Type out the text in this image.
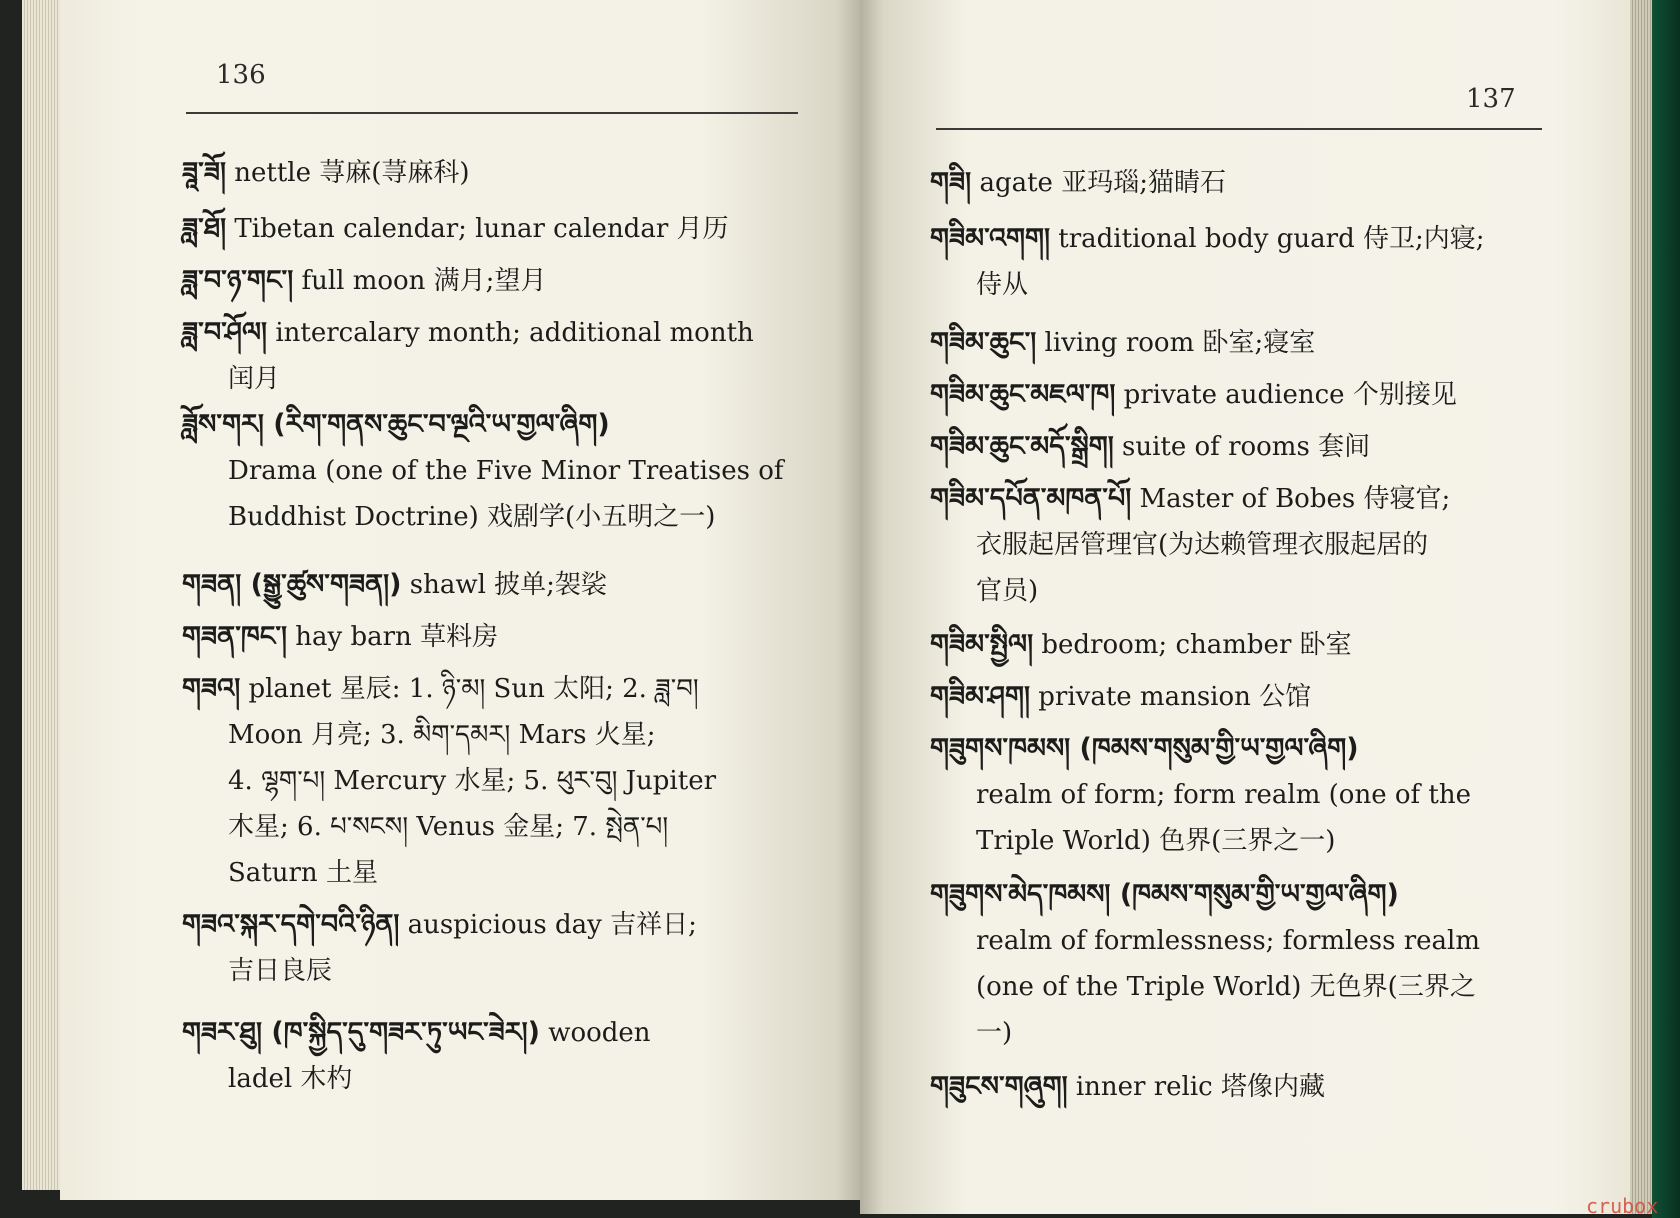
136
137
ཟཱ་ཟོ། nettle 荨麻(荨麻科)
ཟླ་ཐོ། Tibetan calendar; lunar calendar 月历
ཟླ་བ་ཉ་གང་། full moon 满月;望月
ཟླ་བ་ཤོལ། intercalary month; additional month
闰月
ཟློས་གར། (རིག་གནས་ཆུང་བ་ལྔའི་ཡ་གྱལ་ཞིག)
Drama (one of the Five Minor Treatises of
Buddhist Doctrine) 戏剧学(小五明之一)
གཟན། (སྒྱུ་ཚུས་གཟན།) shawl 披单;袈裟
གཟན་ཁང་། hay barn 草料房
གཟའ། planet 星辰: 1. ཉི་མ། Sun 太阳; 2. ཟླ་བ།
Moon 月亮; 3. མིག་དམར། Mars 火星;
4. ལྷག་པ། Mercury 水星; 5. ཕུར་བུ། Jupiter
木星; 6. པ་སངས། Venus 金星; 7. སྤེན་པ།
Saturn 土星
གཟའ་སྐར་དགེ་བའི་ཉིན། auspicious day 吉祥日;
吉日良辰
གཟར་ཐུ། (ཁ་སྐྱིད་དུ་གཟར་ཏུ་ཡང་ཟེར།) wooden
ladel 木杓
གཟི། agate 亚玛瑙;猫睛石
གཟིམ་འགག། traditional body guard 侍卫;内寝;
侍从
གཟིམ་ཆུང་། living room 卧室;寝室
གཟིམ་ཆུང་མཇལ་ཁ། private audience 个别接见
གཟིམ་ཆུང་མདོ་སྒྲིག། suite of rooms 套间
གཟིམ་དཔོན་མཁན་པོ། Master of Bobes 侍寝官;
衣服起居管理官(为达赖管理衣服起居的
官员)
གཟིམ་སྤྱིལ། bedroom; chamber 卧室
གཟིམ་ཤག། private mansion 公馆
གཟུགས་ཁམས། (ཁམས་གསུམ་གྱི་ཡ་གྱལ་ཞིག)
realm of form; form realm (one of the
Triple World) 色界(三界之一)
གཟུགས་མེད་ཁམས། (ཁམས་གསུམ་གྱི་ཡ་གྱལ་ཞིག)
realm of formlessness; formless realm
(one of the Triple World) 无色界(三界之
一)
གཟུངས་གཞུག། inner relic 塔像内藏
crubox
